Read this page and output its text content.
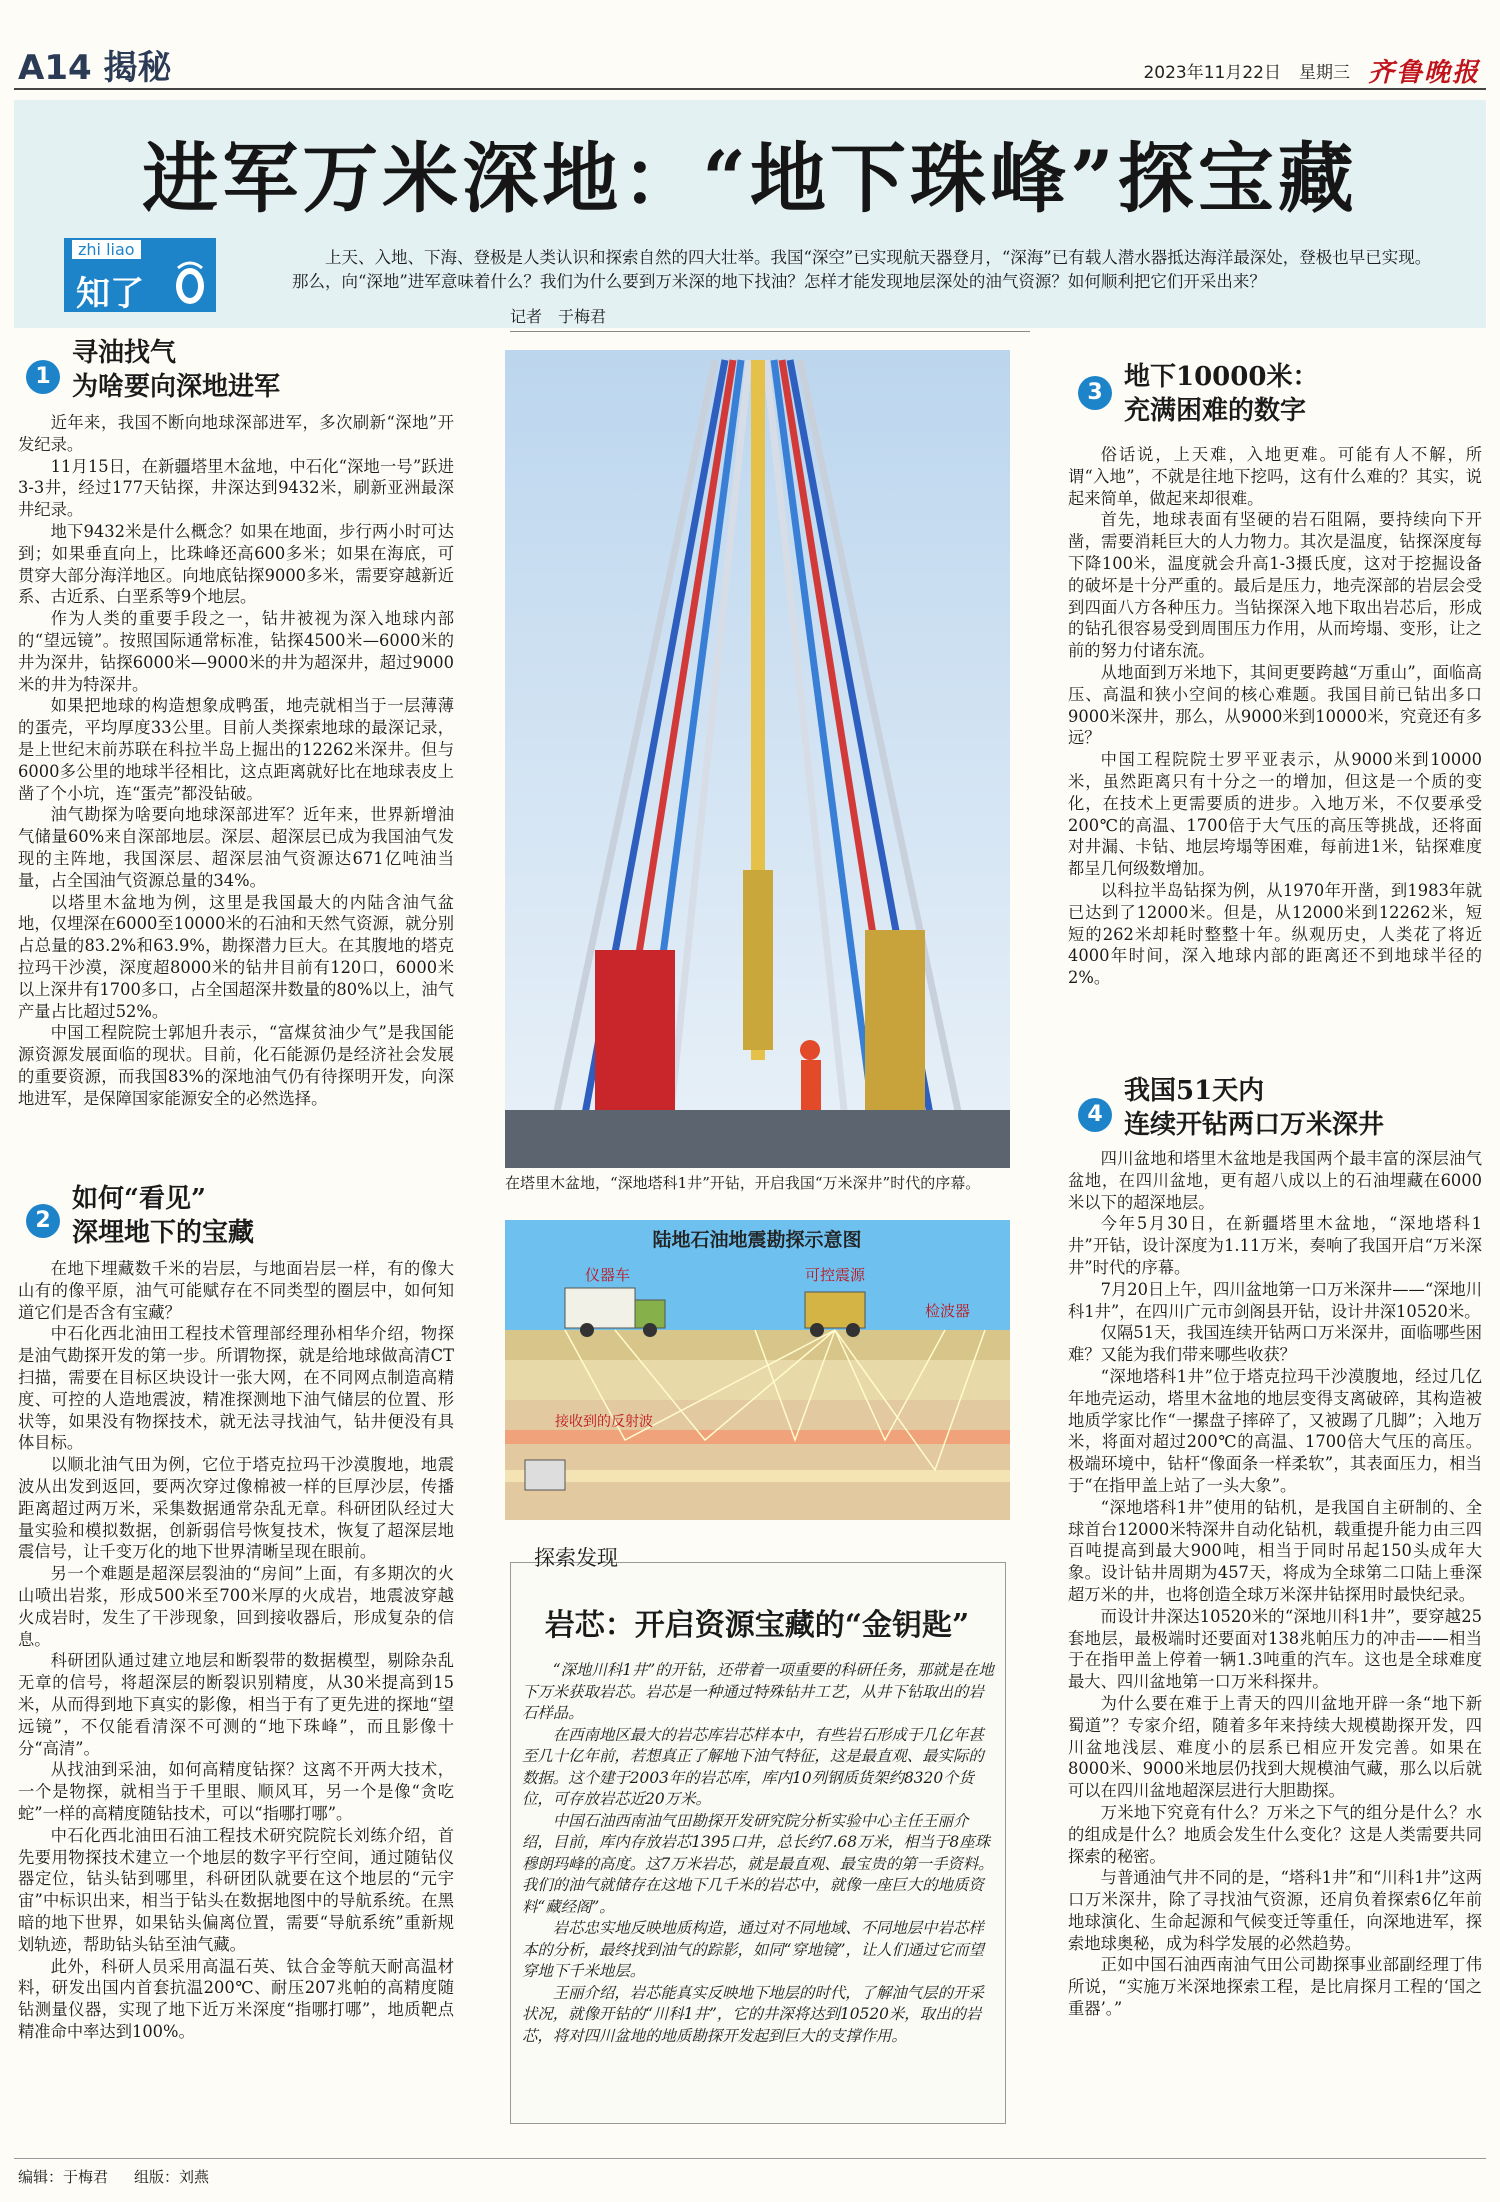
A14 揭秘	2023年11月22日 星期三 齐鲁晚报
进军万米深地：“地下珠峰”探宝藏
zhi liao
知了
上天、入地、下海、登极是人类认识和探索自然的四大壮举。我国“深空”已实现航天器登月，“深海”已有载人潜水器抵达海洋最深处，登极也早已实现。那么，向“深地”进军意味着什么？我们为什么要到万米深的地下找油？怎样才能发现地层深处的油气资源？如何顺利把它们开采出来？
记者　于梅君
1
寻油找气
为啥要向深地进军

近年来，我国不断向地球深部进军，多次刷新“深地”开发纪录。

11月15日，在新疆塔里木盆地，中石化“深地一号”跃进3-3井，经过177天钻探，井深达到9432米，刷新亚洲最深井纪录。

地下9432米是什么概念？如果在地面，步行两小时可达到；如果垂直向上，比珠峰还高600多米；如果在海底，可贯穿大部分海洋地区。向地底钻探9000多米，需要穿越新近系、古近系、白垩系等9个地层。

作为人类的重要手段之一，钻井被视为深入地球内部的“望远镜”。按照国际通常标准，钻探4500米—6000米的井为深井，钻探6000米—9000米的井为超深井，超过9000米的井为特深井。

如果把地球的构造想象成鸭蛋，地壳就相当于一层薄薄的蛋壳，平均厚度33公里。目前人类探索地球的最深记录，是上世纪末前苏联在科拉半岛上掘出的12262米深井。但与6000多公里的地球半径相比，这点距离就好比在地球表皮上凿了个小坑，连“蛋壳”都没钻破。

油气勘探为啥要向地球深部进军？近年来，世界新增油气储量60%来自深部地层。深层、超深层已成为我国油气发现的主阵地，我国深层、超深层油气资源达671亿吨油当量，占全国油气资源总量的34%。

以塔里木盆地为例，这里是我国最大的内陆含油气盆地，仅埋深在6000至10000米的石油和天然气资源，就分别占总量的83.2%和63.9%，勘探潜力巨大。在其腹地的塔克拉玛干沙漠，深度超8000米的钻井目前有120口，6000米以上深井有1700多口，占全国超深井数量的80%以上，油气产量占比超过52%。

中国工程院院士郭旭升表示，“富煤贫油少气”是我国能源资源发展面临的现状。目前，化石能源仍是经济社会发展的重要资源，而我国83%的深地油气仍有待探明开发，向深地进军，是保障国家能源安全的必然选择。

2
如何“看见”
深埋地下的宝藏

在地下埋藏数千米的岩层，与地面岩层一样，有的像大山有的像平原，油气可能赋存在不同类型的圈层中，如何知道它们是否含有宝藏？

中石化西北油田工程技术管理部经理孙相华介绍，物探是油气勘探开发的第一步。所谓物探，就是给地球做高清CT扫描，需要在目标区块设计一张大网，在不同网点制造高精度、可控的人造地震波，精准探测地下油气储层的位置、形状等，如果没有物探技术，就无法寻找油气，钻井便没有具体目标。

以顺北油气田为例，它位于塔克拉玛干沙漠腹地，地震波从出发到返回，要两次穿过像棉被一样的巨厚沙层，传播距离超过两万米，采集数据通常杂乱无章。科研团队经过大量实验和模拟数据，创新弱信号恢复技术，恢复了超深层地震信号，让千变万化的地下世界清晰呈现在眼前。

另一个难题是超深层裂油的“房间”上面，有多期次的火山喷出岩浆，形成500米至700米厚的火成岩，地震波穿越火成岩时，发生了干涉现象，回到接收器后，形成复杂的信息。

科研团队通过建立地层和断裂带的数据模型，剔除杂乱无章的信号，将超深层的断裂识别精度，从30米提高到15米，从而得到地下真实的影像，相当于有了更先进的探地“望远镜”，不仅能看清深不可测的“地下珠峰”，而且影像十分“高清”。

从找油到采油，如何高精度钻探？这离不开两大技术，一个是物探，就相当于千里眼、顺风耳，另一个是像“贪吃蛇”一样的高精度随钻技术，可以“指哪打哪”。

中石化西北油田石油工程技术研究院院长刘练介绍，首先要用物探技术建立一个地层的数字平行空间，通过随钻仪器定位，钻头钻到哪里，科研团队就要在这个地层的“元宇宙”中标识出来，相当于钻头在数据地图中的导航系统。在黑暗的地下世界，如果钻头偏离位置，需要“导航系统”重新规划轨迹，帮助钻头钻至油气藏。

此外，科研人员采用高温石英、钛合金等航天耐高温材料，研发出国内首套抗温200℃、耐压207兆帕的高精度随钻测量仪器，实现了地下近万米深度“指哪打哪”，地质靶点精准命中率达到100%。

在塔里木盆地，“深地塔科1井”开钻，开启我国“万米深井”时代的序幕。
陆地石油地震勘探示意图
仪器车	可控震源
检波器
接收到的反射波
探索发现
岩芯：开启资源宝藏的“金钥匙”

“深地川科1井”的开钻，还带着一项重要的科研任务，那就是在地下万米获取岩芯。岩芯是一种通过特殊钻井工艺，从井下钻取出的岩石样品。

在西南地区最大的岩芯库岩芯样本中，有些岩石形成于几亿年甚至几十亿年前，若想真正了解地下油气特征，这是最直观、最实际的数据。这个建于2003年的岩芯库，库内10列钢质货架约8320个货位，可存放岩芯近20万米。

中国石油西南油气田勘探开发研究院分析实验中心主任王丽介绍，目前，库内存放岩芯1395口井，总长约7.68万米，相当于8座珠穆朗玛峰的高度。这7万米岩芯，就是最直观、最宝贵的第一手资料。我们的油气就储存在这地下几千米的岩芯中，就像一座巨大的地质资料“藏经阁”。

岩芯忠实地反映地质构造，通过对不同地域、不同地层中岩芯样本的分析，最终找到油气的踪影，如同“穿地镜”，让人们通过它而望穿地下千米地层。

王丽介绍，岩芯能真实反映地下地层的时代，了解油气层的开采状况，就像开钻的“川科1井”，它的井深将达到10520米，取出的岩芯，将对四川盆地的地质勘探开发起到巨大的支撑作用。

3
地下10000米：
充满困难的数字

俗话说，上天难，入地更难。可能有人不解，所谓“入地”，不就是往地下挖吗，这有什么难的？其实，说起来简单，做起来却很难。

首先，地球表面有坚硬的岩石阻隔，要持续向下开凿，需要消耗巨大的人力物力。其次是温度，钻探深度每下降100米，温度就会升高1-3摄氏度，这对于挖掘设备的破坏是十分严重的。最后是压力，地壳深部的岩层会受到四面八方各种压力。当钻探深入地下取出岩芯后，形成的钻孔很容易受到周围压力作用，从而垮塌、变形，让之前的努力付诸东流。

从地面到万米地下，其间更要跨越“万重山”，面临高压、高温和狭小空间的核心难题。我国目前已钻出多口9000米深井，那么，从9000米到10000米，究竟还有多远？

中国工程院院士罗平亚表示，从9000米到10000米，虽然距离只有十分之一的增加，但这是一个质的变化，在技术上更需要质的进步。入地万米，不仅要承受200℃的高温、1700倍于大气压的高压等挑战，还将面对井漏、卡钻、地层垮塌等困难，每前进1米，钻探难度都呈几何级数增加。

以科拉半岛钻探为例，从1970年开凿，到1983年就已达到了12000米。但是，从12000米到12262米，短短的262米却耗时整整十年。纵观历史，人类花了将近4000年时间，深入地球内部的距离还不到地球半径的2%。

4
我国51天内
连续开钻两口万米深井

四川盆地和塔里木盆地是我国两个最丰富的深层油气盆地，在四川盆地，更有超八成以上的石油埋藏在6000米以下的超深地层。

今年5月30日，在新疆塔里木盆地，“深地塔科1井”开钻，设计深度为1.11万米，奏响了我国开启“万米深井”时代的序幕。

7月20日上午，四川盆地第一口万米深井——“深地川科1井”，在四川广元市剑阁县开钻，设计井深10520米。

仅隔51天，我国连续开钻两口万米深井，面临哪些困难？又能为我们带来哪些收获？

“深地塔科1井”位于塔克拉玛干沙漠腹地，经过几亿年地壳运动，塔里木盆地的地层变得支离破碎，其构造被地质学家比作“一摞盘子摔碎了，又被踢了几脚”；入地万米，将面对超过200℃的高温、1700倍大气压的高压。极端环境中，钻杆“像面条一样柔软”，其表面压力，相当于“在指甲盖上站了一头大象”。

“深地塔科1井”使用的钻机，是我国自主研制的、全球首台12000米特深井自动化钻机，载重提升能力由三四百吨提高到最大900吨，相当于同时吊起150头成年大象。设计钻井周期为457天，将成为全球第二口陆上垂深超万米的井，也将创造全球万米深井钻探用时最快纪录。

而设计井深达10520米的“深地川科1井”，要穿越25套地层，最极端时还要面对138兆帕压力的冲击——相当于在指甲盖上停着一辆1.3吨重的汽车。这也是全球难度最大、四川盆地第一口万米科探井。

为什么要在难于上青天的四川盆地开辟一条“地下新蜀道”？专家介绍，随着多年来持续大规模勘探开发，四川盆地浅层、难度小的层系已相应开发完善。如果在8000米、9000米地层仍找到大规模油气藏，那么以后就可以在四川盆地超深层进行大胆勘探。

万米地下究竟有什么？万米之下气的组分是什么？水的组成是什么？地质会发生什么变化？这是人类需要共同探索的秘密。

与普通油气井不同的是，“塔科1井”和“川科1井”这两口万米深井，除了寻找油气资源，还肩负着探索6亿年前地球演化、生命起源和气候变迁等重任，向深地进军，探索地球奥秘，成为科学发展的必然趋势。

正如中国石油西南油气田公司勘探事业部副经理丁伟所说，“实施万米深地探索工程，是比肩探月工程的‘国之重器’。”

编辑：于梅君 组版：刘燕
